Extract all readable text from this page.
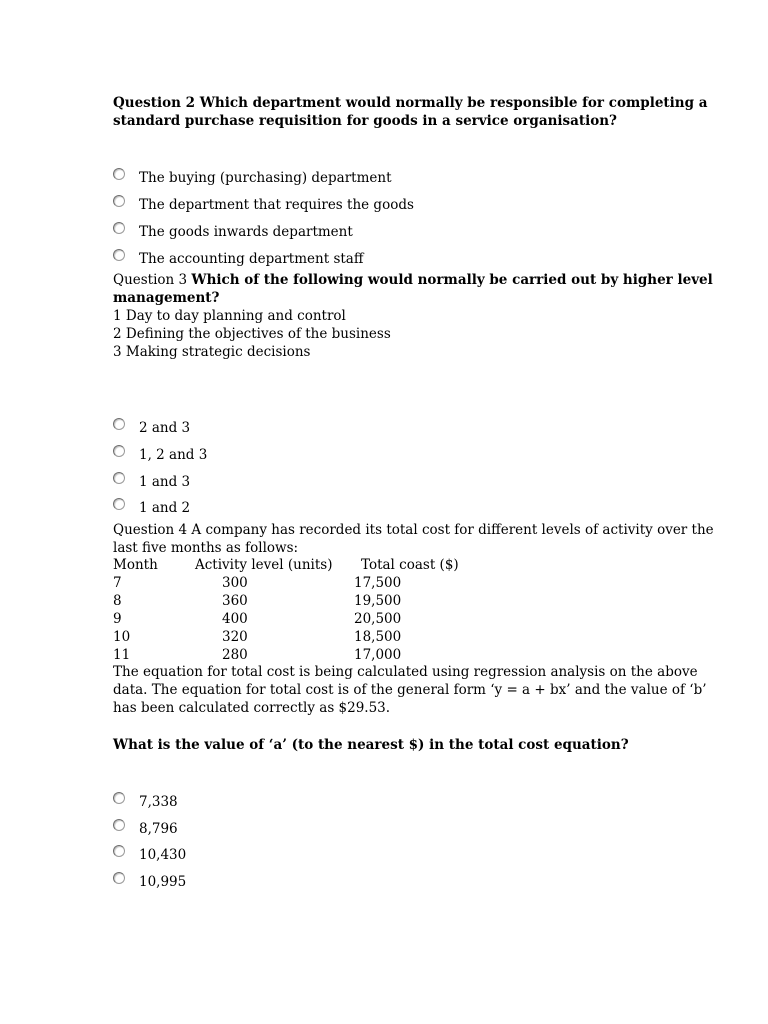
Question 2 Which department would normally be responsible for completing a
standard purchase requisition for goods in a service organisation?
The buying (purchasing) department
The department that requires the goods
The goods inwards department
The accounting department staff
Question 3 Which of the following would normally be carried out by higher level
management?
1 Day to day planning and control
2 Defining the objectives of the business
3 Making strategic decisions
2 and 3
1, 2 and 3
1 and 3
1 and 2
Question 4 A company has recorded its total cost for different levels of activity over the
last five months as follows:
Month	Activity level (units)	Total coast ($)
7	300	17,500
8	360	19,500
9	400	20,500
10	320	18,500
11	280	17,000
The equation for total cost is being calculated using regression analysis on the above
data. The equation for total cost is of the general form ‘y = a + bx’ and the value of ‘b’
has been calculated correctly as $29.53.
What is the value of ‘a’ (to the nearest $) in the total cost equation?
7,338
8,796
10,430
10,995
